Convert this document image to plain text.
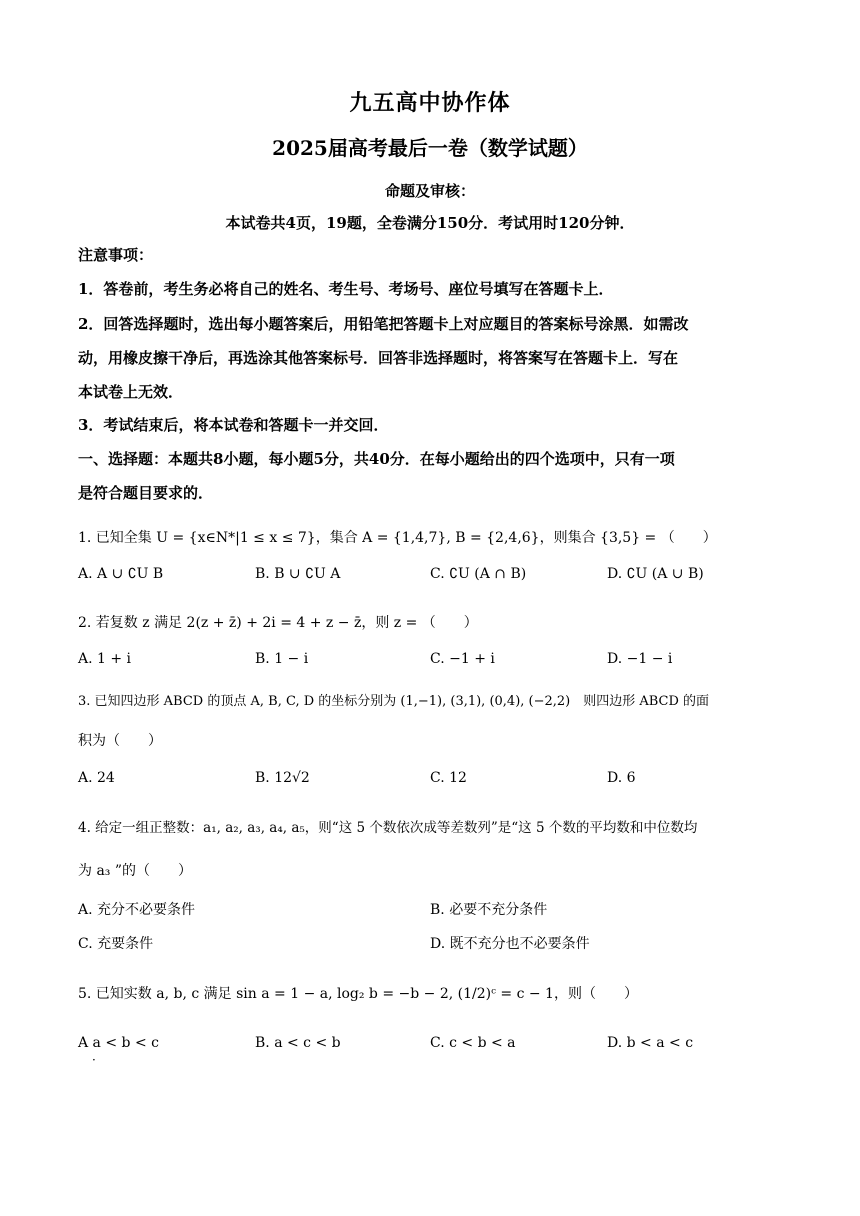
九五高中协作体
2025届高考最后一卷（数学试题）
命题及审核：
本试卷共4页，19题，全卷满分150分．考试用时120分钟．
注意事项：
1．答卷前，考生务必将自己的姓名、考生号、考场号、座位号填写在答题卡上．
2．回答选择题时，选出每小题答案后，用铅笔把答题卡上对应题目的答案标号涂黑．如需改
动，用橡皮擦干净后，再选涂其他答案标号．回答非选择题时，将答案写在答题卡上．写在
本试卷上无效．
3．考试结束后，将本试卷和答题卡一并交回．
一、选择题：本题共8小题，每小题5分，共40分．在每小题给出的四个选项中，只有一项
是符合题目要求的．
1. 已知全集 U = {x∈N*|1 ≤ x ≤ 7}，集合 A = {1,4,7}, B = {2,4,6}，则集合 {3,5} = （　　）
A. A ∪ ∁U B	B. B ∪ ∁U A	C. ∁U (A ∩ B)	D. ∁U (A ∪ B)
2. 若复数 z 满足 2(z + z̄) + 2i = 4 + z − z̄，则 z = （　　）
A. 1 + i	B. 1 − i	C. −1 + i	D. −1 − i
3. 已知四边形 ABCD 的顶点 A, B, C, D 的坐标分别为 (1,−1), (3,1), (0,4), (−2,2)　则四边形 ABCD 的面
积为（　　）
A. 24	B. 12√2	C. 12	D. 6
4. 给定一组正整数：a₁, a₂, a₃, a₄, a₅，则“这 5 个数依次成等差数列”是“这 5 个数的平均数和中位数均
为 a₃ ”的（　　）
A. 充分不必要条件	B. 必要不充分条件
C. 充要条件	D. 既不充分也不必要条件
5. 已知实数 a, b, c 满足 sin a = 1 − a, log₂ b = −b − 2, (1/2)ᶜ = c − 1，则（　　）
A a < b < c	B. a < c < b	C. c < b < a	D. b < a < c
·
